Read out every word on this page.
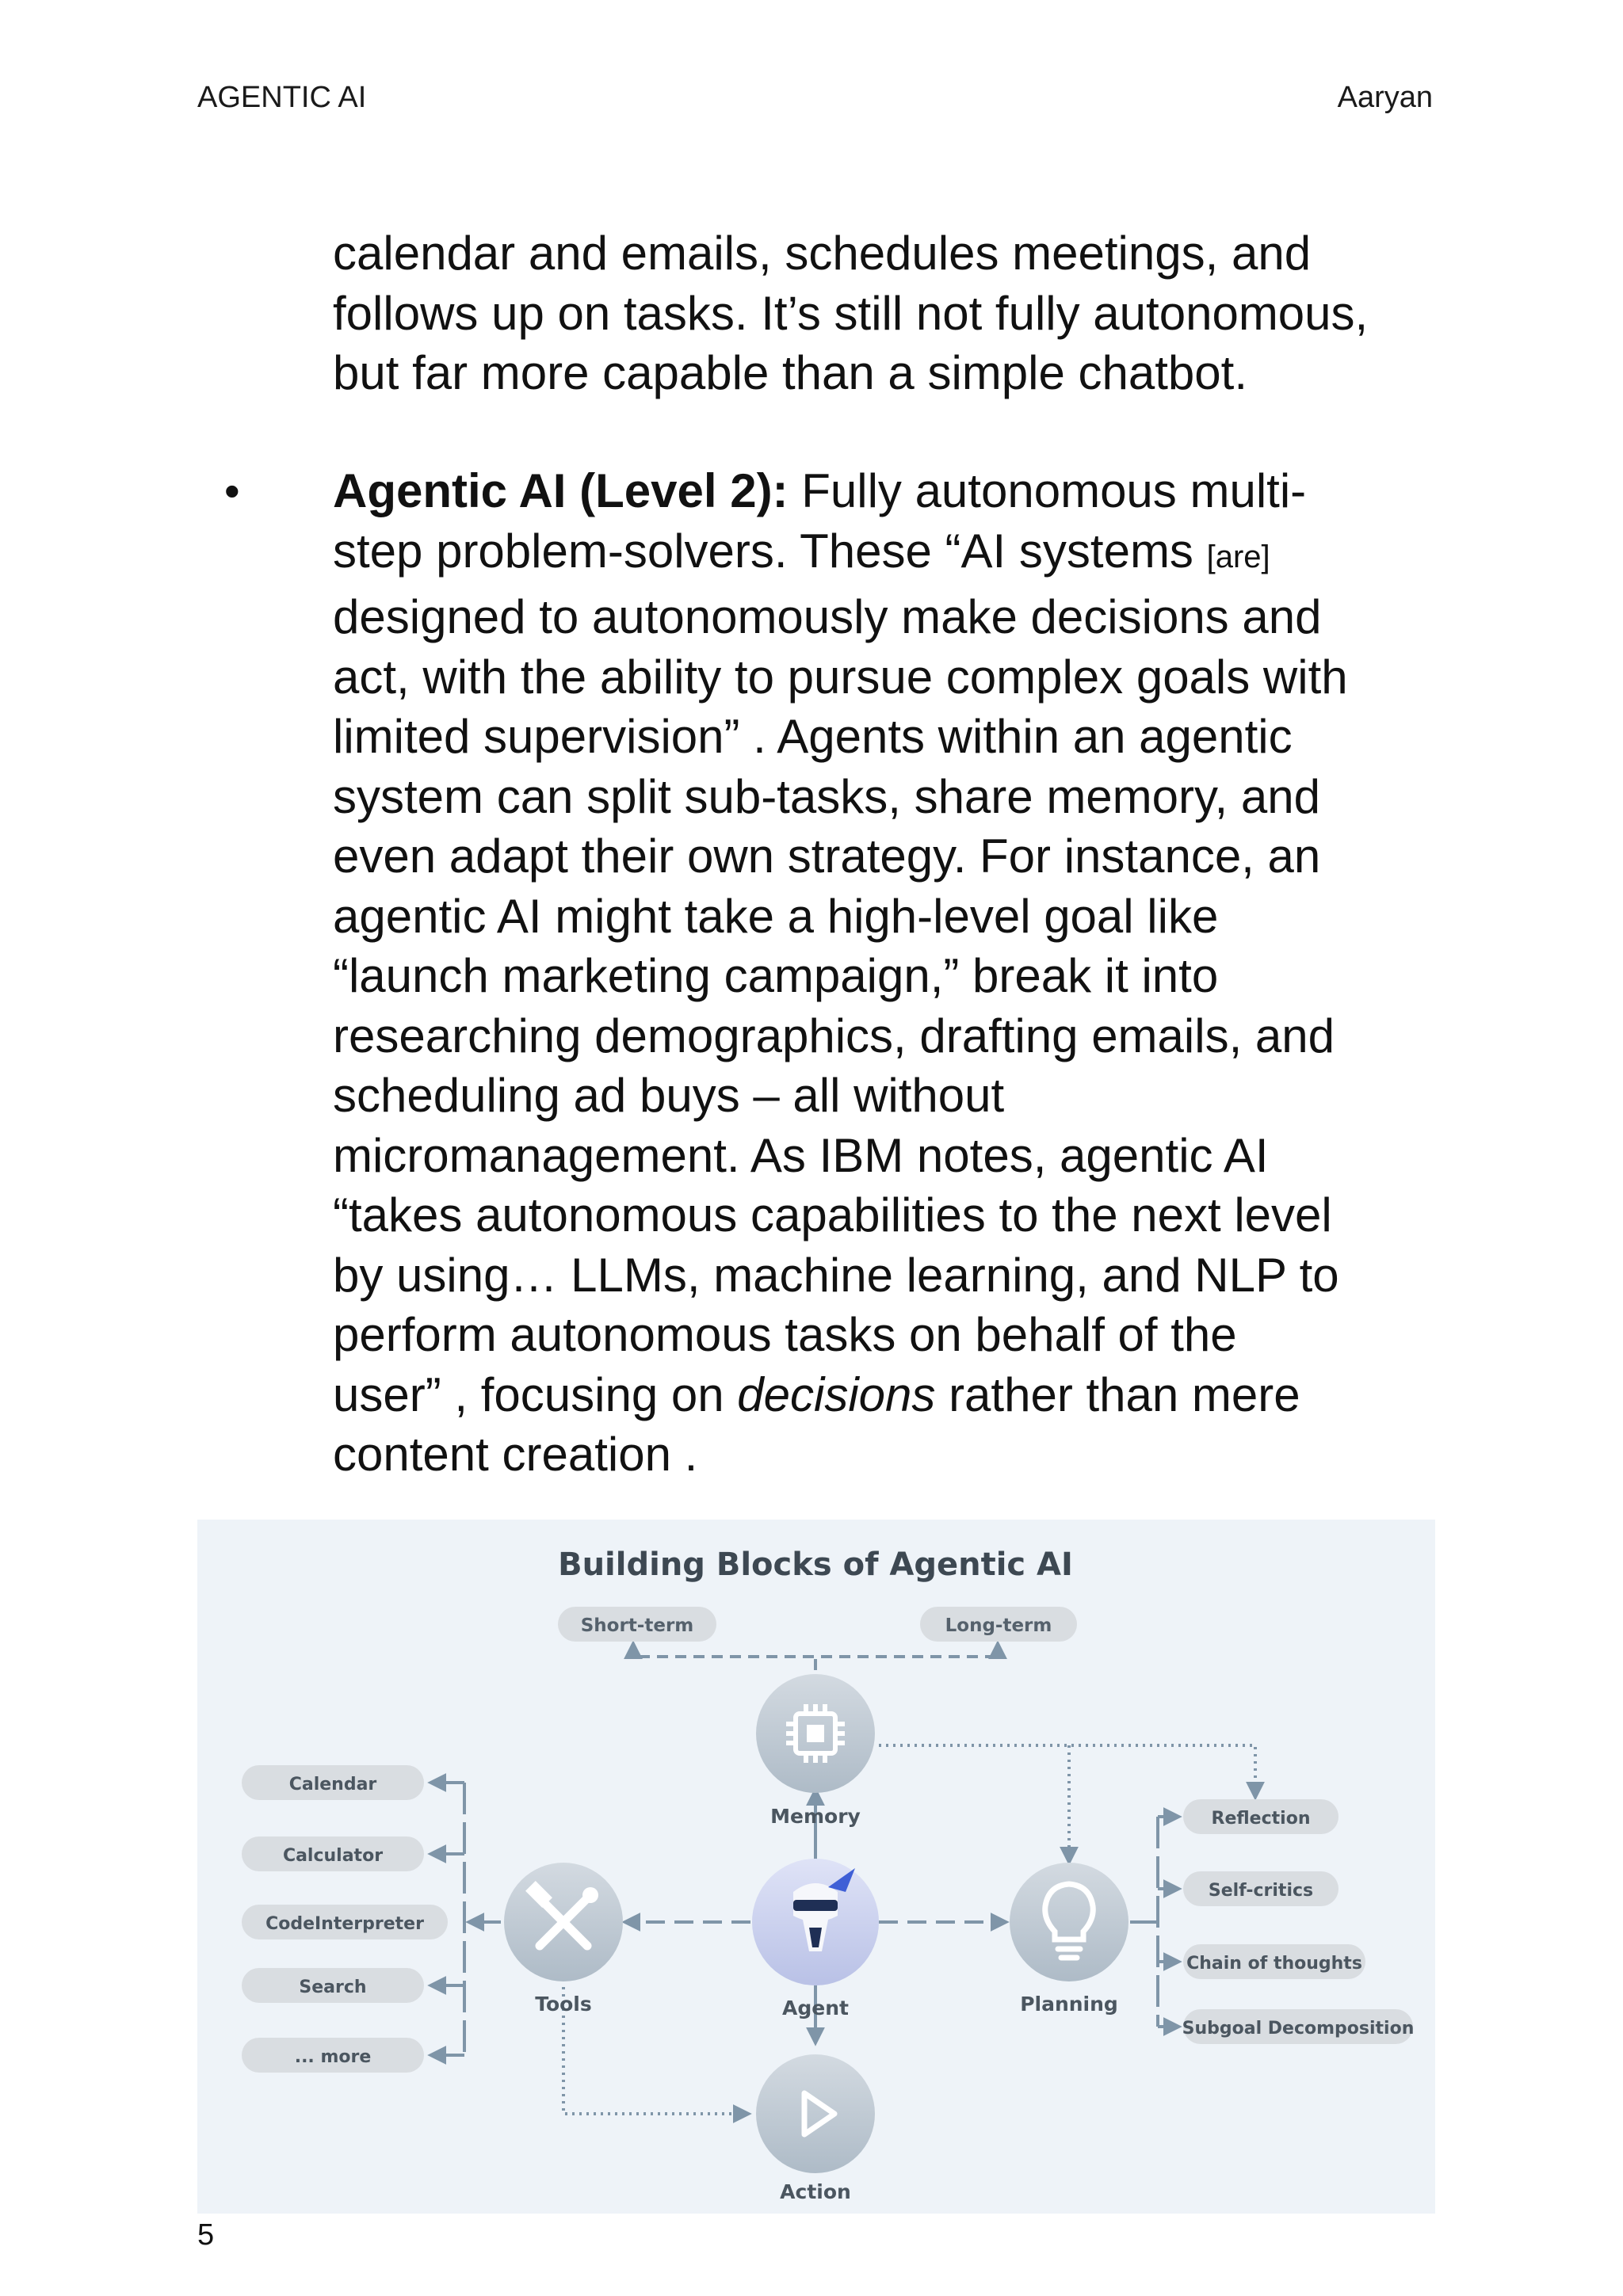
AGENTIC AI	Aaryan
calendar and emails, schedules meetings, and
follows up on tasks. It’s still not fully autonomous,
but far more capable than a simple chatbot.
• Agentic AI (Level 2): Fully autonomous multi-
step problem-solvers. These “AI systems [are]
designed to autonomously make decisions and
act, with the ability to pursue complex goals with
limited supervision” . Agents within an agentic
system can split sub-tasks, share memory, and
even adapt their own strategy. For instance, an
agentic AI might take a high-level goal like
“launch marketing campaign,” break it into
researching demographics, drafting emails, and
scheduling ad buys – all without
micromanagement. As IBM notes, agentic AI
“takes autonomous capabilities to the next level
by using… LLMs, machine learning, and NLP to
perform autonomous tasks on behalf of the
user” , focusing on decisions rather than mere
content creation .
Building Blocks of Agentic AI
Short-term	Long-term
Memory
Tools	Agent	Planning
Action
Calendar
Calculator
CodeInterpreter
Search
... more
Reflection
Self-critics
Chain of thoughts
Subgoal Decomposition
5
